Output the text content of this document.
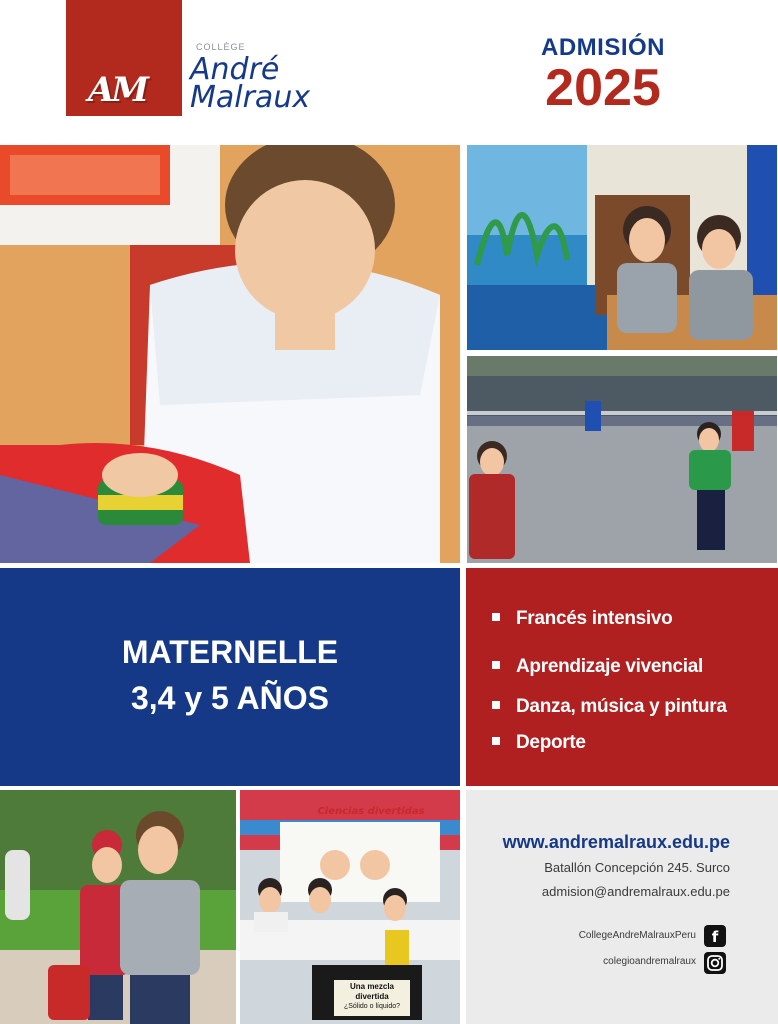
AM
COLLÈGE
André
Malraux
ADMISIÓN
2025
MATERNELLE
3,4 y 5 AÑOS
Francés intensivo
Aprendizaje vivencial
Danza, música y pintura
Deporte
Ciencias divertidas
Una mezcla
divertida
¿Sólido o líquido?
www.andremalraux.edu.pe
Batallón Concepción 245. Surco
admision@andremalraux.edu.pe
CollegeAndreMalrauxPeru	f
colegioandremalraux
